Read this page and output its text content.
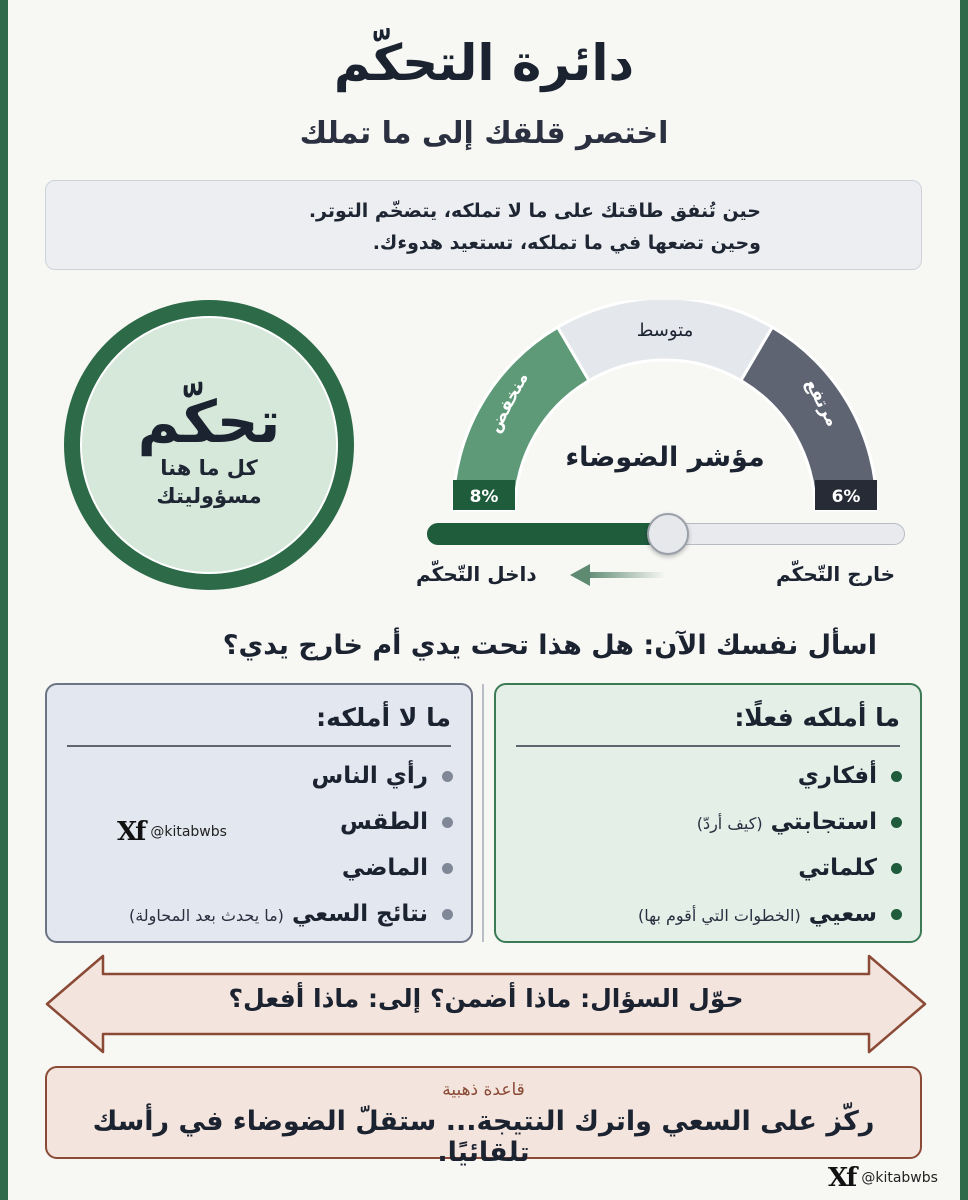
دائرة التحكّم
اختصر قلقك إلى ما تملك
حين تُنفق طاقتك على ما لا تملكه، يتضخّم التوتر.
وحين تضعها في ما تملكه، تستعيد هدوءك.
تحكّم
كل ما هنا
مسؤوليتك
منخفض
متوسط
مرتفع
8%	6%
مؤشر الضوضاء
خارج التّحكّم
داخل التّحكّم
اسأل نفسك الآن: هل هذا تحت يدي أم خارج يدي؟
ما أملكه فعلًا:
أفكاري
استجابتي (كيف أردّ)
كلماتي
سعيي (الخطوات التي أقوم بها)
ما لا أملكه:
رأي الناس
الطقس
الماضي
نتائج السعي (ما يحدث بعد المحاولة)
Xf @kitabwbs
حوّل السؤال: ماذا أضمن؟ إلى: ماذا أفعل؟
قاعدة ذهبية
ركّز على السعي واترك النتيجة... ستقلّ الضوضاء في رأسك تلقائيًا.
Xf @kitabwbs
